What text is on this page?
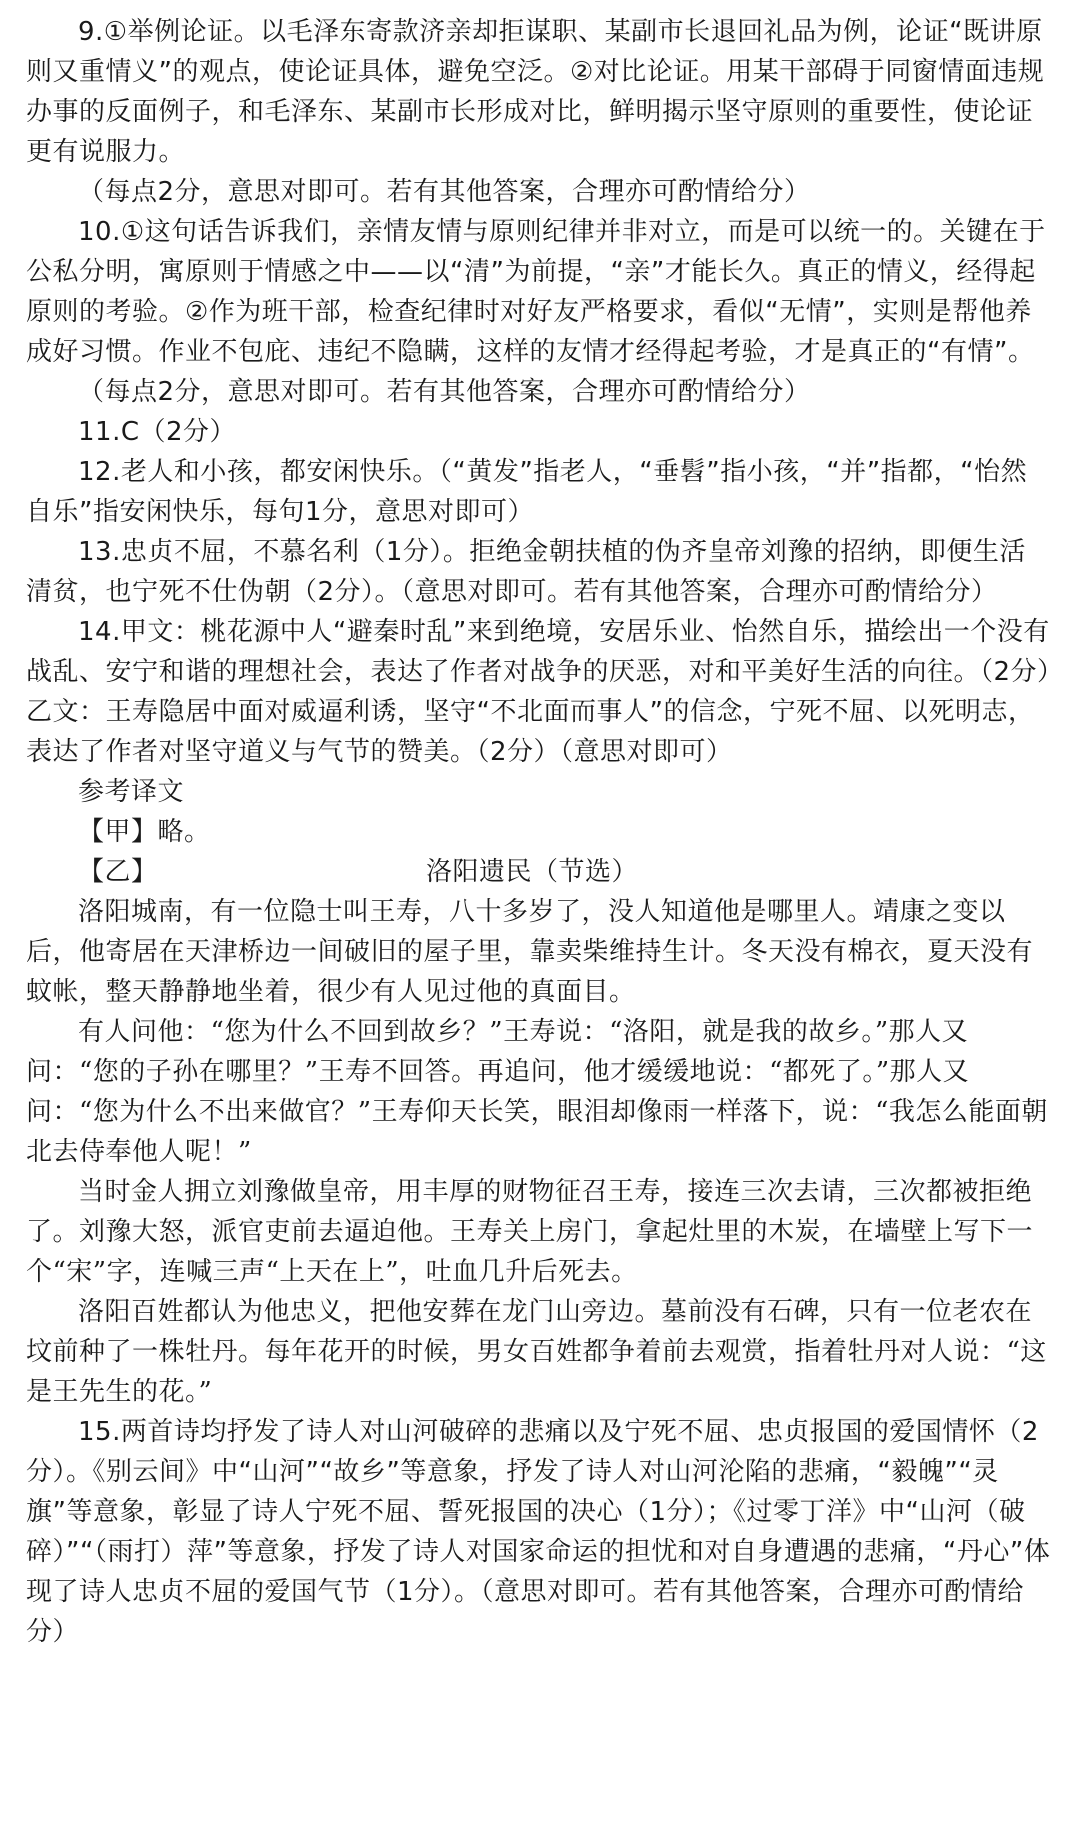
9.①举例论证。以毛泽东寄款济亲却拒谋职、某副市长退回礼品为例，论证“既讲原则又重情义”的观点，使论证具体，避免空泛。②对比论证。用某干部碍于同窗情面违规办事的反面例子，和毛泽东、某副市长形成对比，鲜明揭示坚守原则的重要性，使论证更有说服力。

（每点2分，意思对即可。若有其他答案，合理亦可酌情给分）

10.①这句话告诉我们，亲情友情与原则纪律并非对立，而是可以统一的。关键在于公私分明，寓原则于情感之中——以“清”为前提，“亲”才能长久。真正的情义，经得起原则的考验。②作为班干部，检查纪律时对好友严格要求，看似“无情”，实则是帮他养成好习惯。作业不包庇、违纪不隐瞒，这样的友情才经得起考验，才是真正的“有情”。

（每点2分，意思对即可。若有其他答案，合理亦可酌情给分）

11.C（2分）

12.老人和小孩，都安闲快乐。（“黄发”指老人，“垂髫”指小孩，“并”指都，“怡然自乐”指安闲快乐，每句1分，意思对即可）

13.忠贞不屈，不慕名利（1分）。拒绝金朝扶植的伪齐皇帝刘豫的招纳，即便生活清贫，也宁死不仕伪朝（2分）。（意思对即可。若有其他答案，合理亦可酌情给分）

14.甲文：桃花源中人“避秦时乱”来到绝境，安居乐业、怡然自乐，描绘出一个没有战乱、安宁和谐的理想社会，表达了作者对战争的厌恶，对和平美好生活的向往。（2分）乙文：王寿隐居中面对威逼利诱，坚守“不北面而事人”的信念，宁死不屈、以死明志，表达了作者对坚守道义与气节的赞美。（2分）（意思对即可）

参考译文

【甲】略。

【乙】	洛阳遗民（节选）

洛阳城南，有一位隐士叫王寿，八十多岁了，没人知道他是哪里人。靖康之变以后，他寄居在天津桥边一间破旧的屋子里，靠卖柴维持生计。冬天没有棉衣，夏天没有蚊帐，整天静静地坐着，很少有人见过他的真面目。

有人问他：“您为什么不回到故乡？”王寿说：“洛阳，就是我的故乡。”那人又问：“您的子孙在哪里？”王寿不回答。再追问，他才缓缓地说：“都死了。”那人又问：“您为什么不出来做官？”王寿仰天长笑，眼泪却像雨一样落下，说：“我怎么能面朝北去侍奉他人呢！”

当时金人拥立刘豫做皇帝，用丰厚的财物征召王寿，接连三次去请，三次都被拒绝了。刘豫大怒，派官吏前去逼迫他。王寿关上房门，拿起灶里的木炭，在墙壁上写下一个“宋”字，连喊三声“上天在上”，吐血几升后死去。

洛阳百姓都认为他忠义，把他安葬在龙门山旁边。墓前没有石碑，只有一位老农在坟前种了一株牡丹。每年花开的时候，男女百姓都争着前去观赏，指着牡丹对人说：“这是王先生的花。”

15.两首诗均抒发了诗人对山河破碎的悲痛以及宁死不屈、忠贞报国的爱国情怀（2分）。《别云间》中“山河”“故乡”等意象，抒发了诗人对山河沦陷的悲痛，“毅魄”“灵旗”等意象，彰显了诗人宁死不屈、誓死报国的决心（1分）；《过零丁洋》中“山河（破碎）”“（雨打）萍”等意象，抒发了诗人对国家命运的担忧和对自身遭遇的悲痛，“丹心”体现了诗人忠贞不屈的爱国气节（1分）。（意思对即可。若有其他答案，合理亦可酌情给分）
